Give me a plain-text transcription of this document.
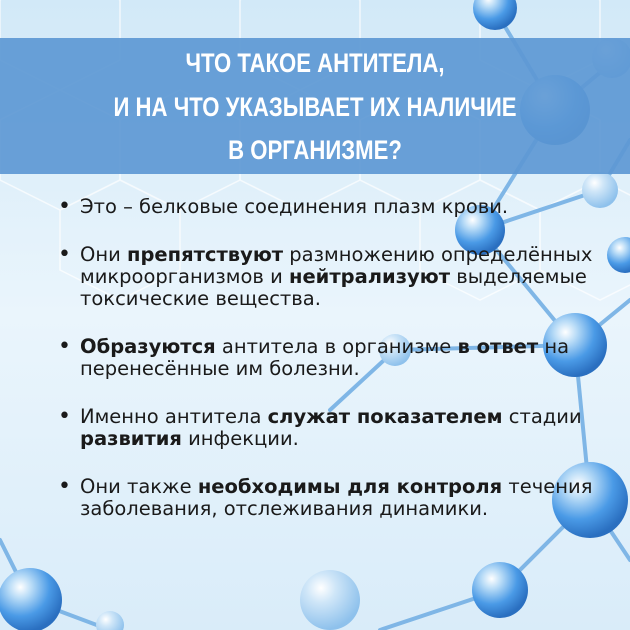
ЧТО ТАКОЕ АНТИТЕЛА,
И НА ЧТО УКАЗЫВАЕТ ИХ НАЛИЧИЕ
В ОРГАНИЗМЕ?
• Это – белковые соединения плазм крови.
• Они препятствуют размножению определённых микроорганизмов и нейтрализуют выделяемые токсические вещества.
• Образуются антитела в организме в ответ на перенесённые им болезни.
• Именно антитела служат показателем стадии развития инфекции.
• Они также необходимы для контроля течения заболевания, отслеживания динамики.
